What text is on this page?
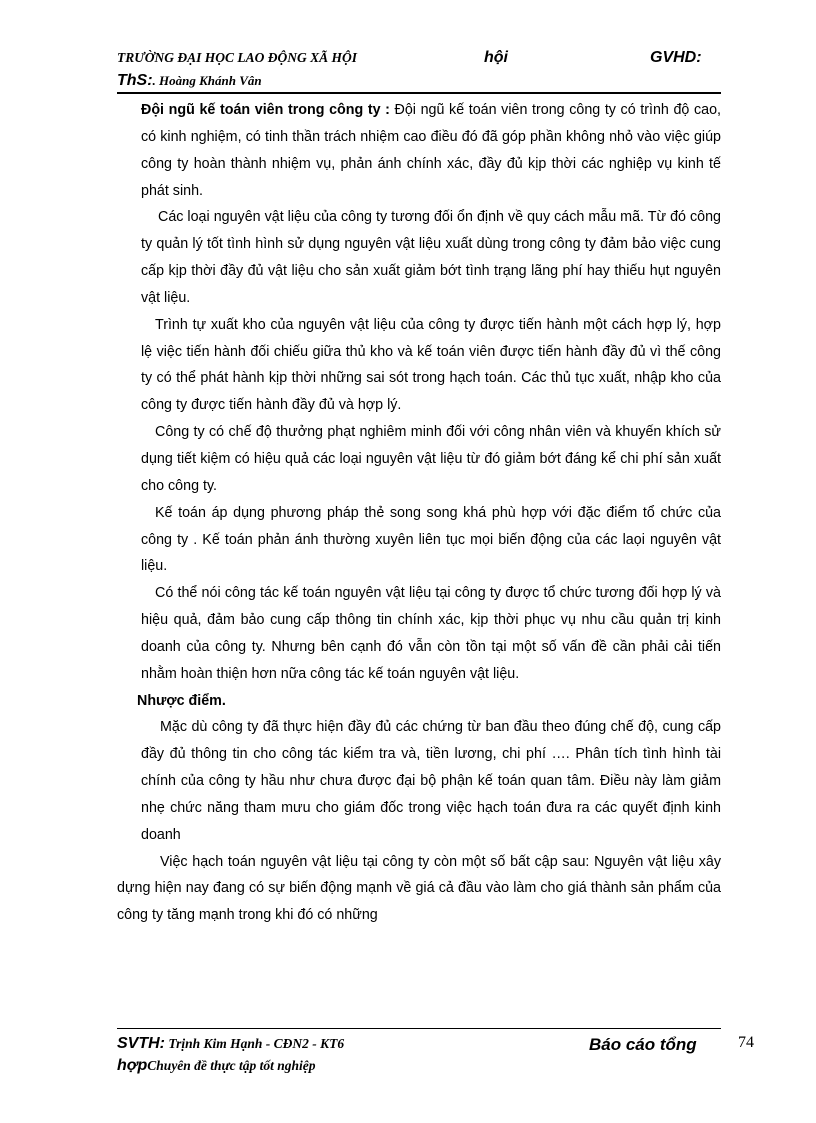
TRƯỜNG ĐẠI HỌC LAO ĐỘNG XÃ HỘI	hội	GVHD:
ThS:. Hoàng Khánh Vân

Đội ngũ kế toán viên trong công ty : Đội ngũ kế toán viên trong công ty có trình độ cao, có kinh nghiệm, có tinh thần trách nhiệm cao điều đó đã góp phần không nhỏ vào việc giúp công ty hoàn thành nhiệm vụ, phản ánh chính xác, đầy đủ kịp thời các nghiệp vụ kinh tế phát sinh.

Các loại nguyên vật liệu của công ty tương đối ổn định về quy cách mẫu mã. Từ đó công ty quản lý tốt tình hình sử dụng nguyên vật liệu xuất dùng trong công ty đảm bảo việc cung cấp kịp thời đầy đủ vật liệu cho sản xuất giảm bớt tình trạng lãng phí hay thiếu hụt nguyên vật liệu.

Trình tự xuất kho của nguyên vật liệu của công ty được tiến hành một cách hợp lý, hợp lệ việc tiến hành đối chiếu giữa thủ kho và kế toán viên được tiến hành đầy đủ vì thế công ty có thể phát hành kịp thời những sai sót trong hạch toán. Các thủ tục xuất, nhập kho của công ty được tiến hành đầy đủ và hợp lý.

Công ty có chế độ thưởng phạt nghiêm minh đối với công nhân viên và khuyến khích sử dụng tiết kiệm có hiệu quả các loại nguyên vật liệu từ đó giảm bớt đáng kể chi phí sản xuất cho công ty.

Kế toán áp dụng phương pháp thẻ song song khá phù hợp với đặc điểm tổ chức của công ty . Kế toán phản ánh thường xuyên liên tục mọi biến động của các laọi nguyên vật liệu.

Có thể nói công tác kế toán nguyên vật liệu tại công ty được tổ chức tương đối hợp lý và hiệu quả, đảm bảo cung cấp thông tin chính xác, kịp thời phục vụ nhu cầu quản trị kinh doanh của công ty. Nhưng bên cạnh đó vẫn còn tồn tại một số vấn đề cần phải cải tiến nhằm hoàn thiện hơn nữa công tác kế toán nguyên vật liệu.

Nhược điểm.

Mặc dù công ty đã thực hiện đầy đủ các chứng từ ban đầu theo đúng chế độ, cung cấp đầy đủ thông tin cho công tác kiểm tra và, tiền lương, chi phí …. Phân tích tình hình tài chính của công ty hầu như chưa được đại bộ phận kế toán quan tâm. Điều này làm giảm nhẹ chức năng tham mưu cho giám đốc trong việc hạch toán đưa ra các quyết định kinh doanh

Việc hạch toán nguyên vật liệu tại công ty còn một số bất cập sau: Nguyên vật liệu xây dựng hiện nay đang có sự biến động mạnh về giá cả đầu vào làm cho giá thành sản phẩm của công ty tăng mạnh trong khi đó có những

SVTH: Trịnh Kim Hạnh - CĐN2 - KT6	Báo cáo tổng	74
hợpChuyên đề thực tập tốt nghiệp
